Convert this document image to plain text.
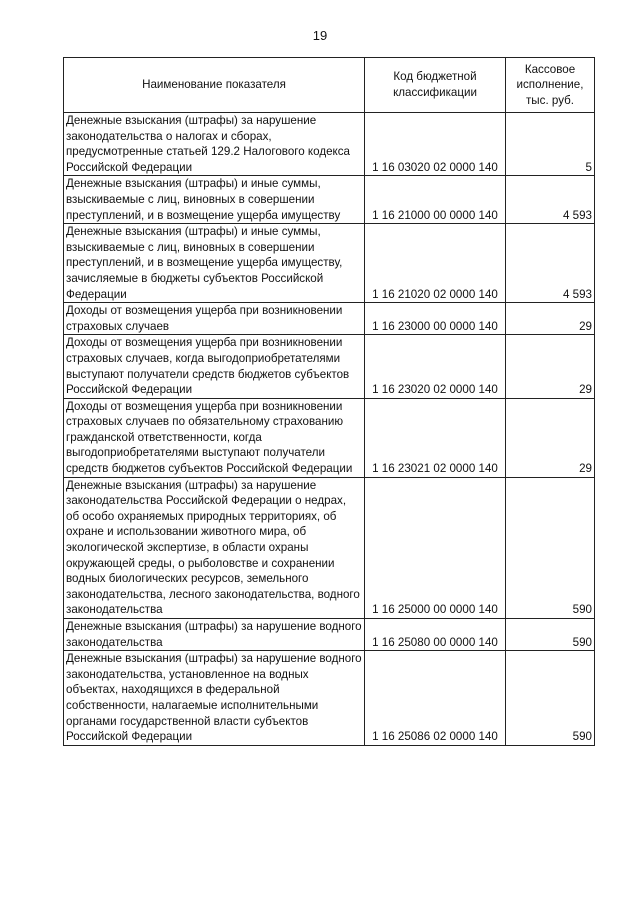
19
Наименование показателя	Код бюджетной классификации	Кассовое исполнение, тыс. руб.
Денежные взыскания (штрафы) за нарушение законодательства о налогах и сборах, предусмотренные статьей 129.2 Налогового кодекса Российской Федерации	1 16 03020 02 0000 140	5
Денежные взыскания (штрафы) и иные суммы, взыскиваемые с лиц, виновных в совершении преступлений, и в возмещение ущерба имуществу	1 16 21000 00 0000 140	4 593
Денежные взыскания (штрафы) и иные суммы, взыскиваемые с лиц, виновных в совершении преступлений, и в возмещение ущерба имуществу, зачисляемые в бюджеты субъектов Российской Федерации	1 16 21020 02 0000 140	4 593
Доходы от возмещения ущерба при возникновении страховых случаев	1 16 23000 00 0000 140	29
Доходы от возмещения ущерба при возникновении страховых случаев, когда выгодоприобретателями выступают получатели средств бюджетов субъектов Российской Федерации	1 16 23020 02 0000 140	29
Доходы от возмещения ущерба при возникновении страховых случаев по обязательному страхованию гражданской ответственности, когда выгодоприобретателями выступают получатели средств бюджетов субъектов Российской Федерации	1 16 23021 02 0000 140	29
Денежные взыскания (штрафы) за нарушение законодательства Российской Федерации о недрах, об особо охраняемых природных территориях, об охране и использовании животного мира, об экологической экспертизе, в области охраны окружающей среды, о рыболовстве и сохранении водных биологических ресурсов, земельного законодательства, лесного законодательства, водного законодательства	1 16 25000 00 0000 140	590
Денежные взыскания (штрафы) за нарушение водного законодательства	1 16 25080 00 0000 140	590
Денежные взыскания (штрафы) за нарушение водного законодательства, установленное на водных объектах, находящихся в федеральной собственности, налагаемые исполнительными органами государственной власти субъектов Российской Федерации	1 16 25086 02 0000 140	590
